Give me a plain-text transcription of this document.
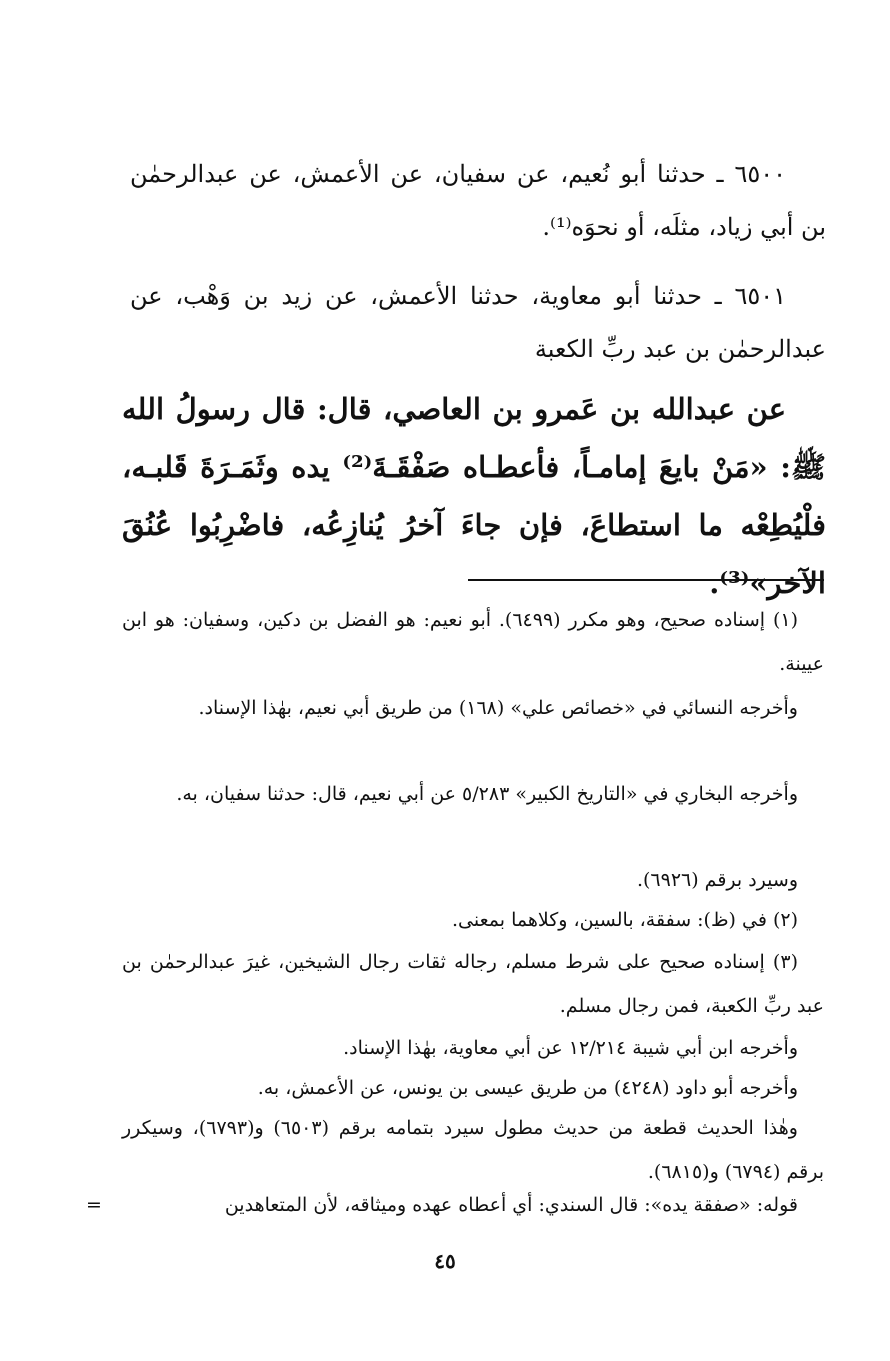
٦٥٠٠ ـ حدثنا أبو نُعيم، عن سفيان، عن الأعمش، عن عبدالرحمٰن بن أبي زياد، مثلَه، أو نحوَه⁽¹⁾.

٦٥٠١ ـ حدثنا أبو معاوية، حدثنا الأعمش، عن زيد بن وَهْب، عن عبدالرحمٰن بن عبد ربِّ الكعبة

عن عبدالله بن عَمرو بن العاصي، قال: قال رسولُ الله ﷺ: «مَنْ بايعَ إمامـاً، فأعطـاه صَفْقَـةَ⁽²⁾ يده وثَمَـرَةَ قَلبـه، فلْيُطِعْه ما استطاعَ، فإن جاءَ آخرُ يُنازِعُه، فاضْرِبُوا عُنُقَ الآخر»⁽³⁾.

(١) إسناده صحيح، وهو مكرر (٦٤٩٩). أبو نعيم: هو الفضل بن دكين، وسفيان: هو ابن عيينة.

وأخرجه النسائي في «خصائص علي» (١٦٨) من طريق أبي نعيم، بهٰذا الإسناد.

وأخرجه البخاري في «التاريخ الكبير» ٥/٢٨٣ عن أبي نعيم، قال: حدثنا سفيان، به.

وسيرد برقم (٦٩٢٦).

(٢) في (ظ): سفقة، بالسين، وكلاهما بمعنى.

(٣) إسناده صحيح على شرط مسلم، رجاله ثقات رجال الشيخين، غيرَ عبدالرحمٰن بن عبد ربِّ الكعبة، فمن رجال مسلم.

وأخرجه ابن أبي شيبة ١٢/٢١٤ عن أبي معاوية، بهٰذا الإسناد.

وأخرجه أبو داود (٤٢٤٨) من طريق عيسى بن يونس، عن الأعمش، به.

وهٰذا الحديث قطعة من حديث مطول سيرد بتمامه برقم (٦٥٠٣) و(٦٧٩٣)، وسيكرر برقم (٦٧٩٤) و(٦٨١٥).

قوله: «صفقة يده»: قال السندي: أي أعطاه عهده وميثاقه، لأن المتعاهدين

=
٤٥
